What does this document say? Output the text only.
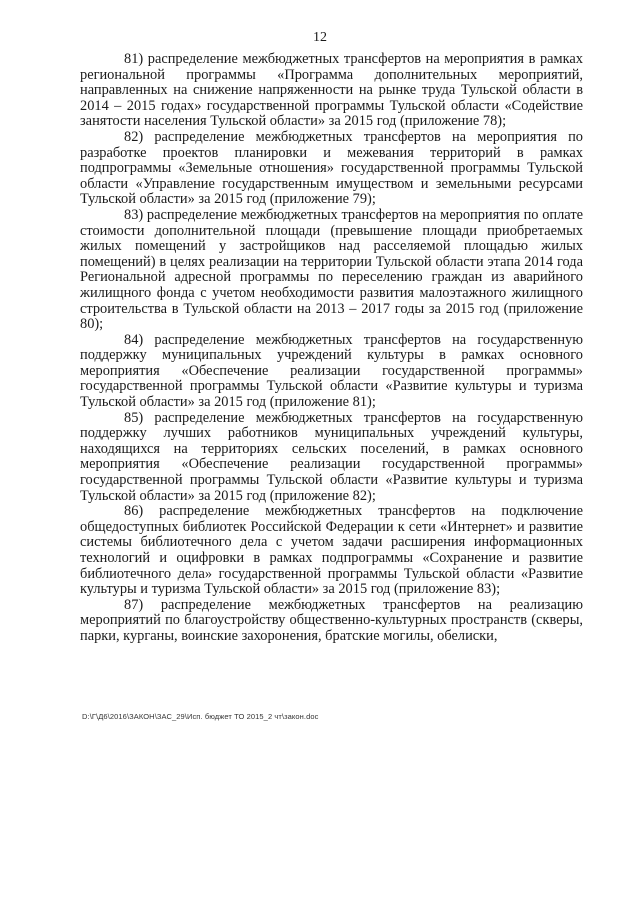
12

81) распределение межбюджетных трансфертов на мероприятия в рамках региональной программы «Программа дополнительных мероприятий, направленных на снижение напряженности на рынке труда Тульской области в 2014 – 2015 годах» государственной программы Тульской области «Содействие занятости населения Тульской области» за 2015 год (приложение 78);

82) распределение межбюджетных трансфертов на мероприятия по разработке проектов планировки и межевания территорий в рамках подпрограммы «Земельные отношения» государственной программы Тульской области «Управление государственным имуществом и земельными ресурсами Тульской области» за 2015 год (приложение 79);

83) распределение межбюджетных трансфертов на мероприятия по оплате стоимости дополнительной площади (превышение площади приобретаемых жилых помещений у застройщиков над расселяемой площадью жилых помещений) в целях реализации на территории Тульской области этапа 2014 года Региональной адресной программы по переселению граждан из аварийного жилищного фонда с учетом необходимости развития малоэтажного жилищного строительства в Тульской области на 2013 – 2017 годы за 2015 год (приложение 80);

84) распределение межбюджетных трансфертов на государственную поддержку муниципальных учреждений культуры в рамках основного мероприятия «Обеспечение реализации государственной программы» государственной программы Тульской области «Развитие культуры и туризма Тульской области» за 2015 год (приложение 81);

85) распределение межбюджетных трансфертов на государственную поддержку лучших работников муниципальных учреждений культуры, находящихся на территориях сельских поселений, в рамках основного мероприятия «Обеспечение реализации государственной программы» государственной программы Тульской области «Развитие культуры и туризма Тульской области» за 2015 год (приложение 82);

86) распределение межбюджетных трансфертов на подключение общедоступных библиотек Российской Федерации к сети «Интернет» и развитие системы библиотечного дела с учетом задачи расширения информационных технологий и оцифровки в рамках подпрограммы «Сохранение и развитие библиотечного дела» государственной программы Тульской области «Развитие культуры и туризма Тульской области» за 2015 год (приложение 83);

87) распределение межбюджетных трансфертов на реализацию мероприятий по благоустройству общественно-культурных пространств (скверы, парки, курганы, воинские захоронения, братские могилы, обелиски,

D:\Г\Д6\2016\ЗАКОН\ЗАС_29\Исп. бюджет ТО 2015_2 чт\закон.doc
